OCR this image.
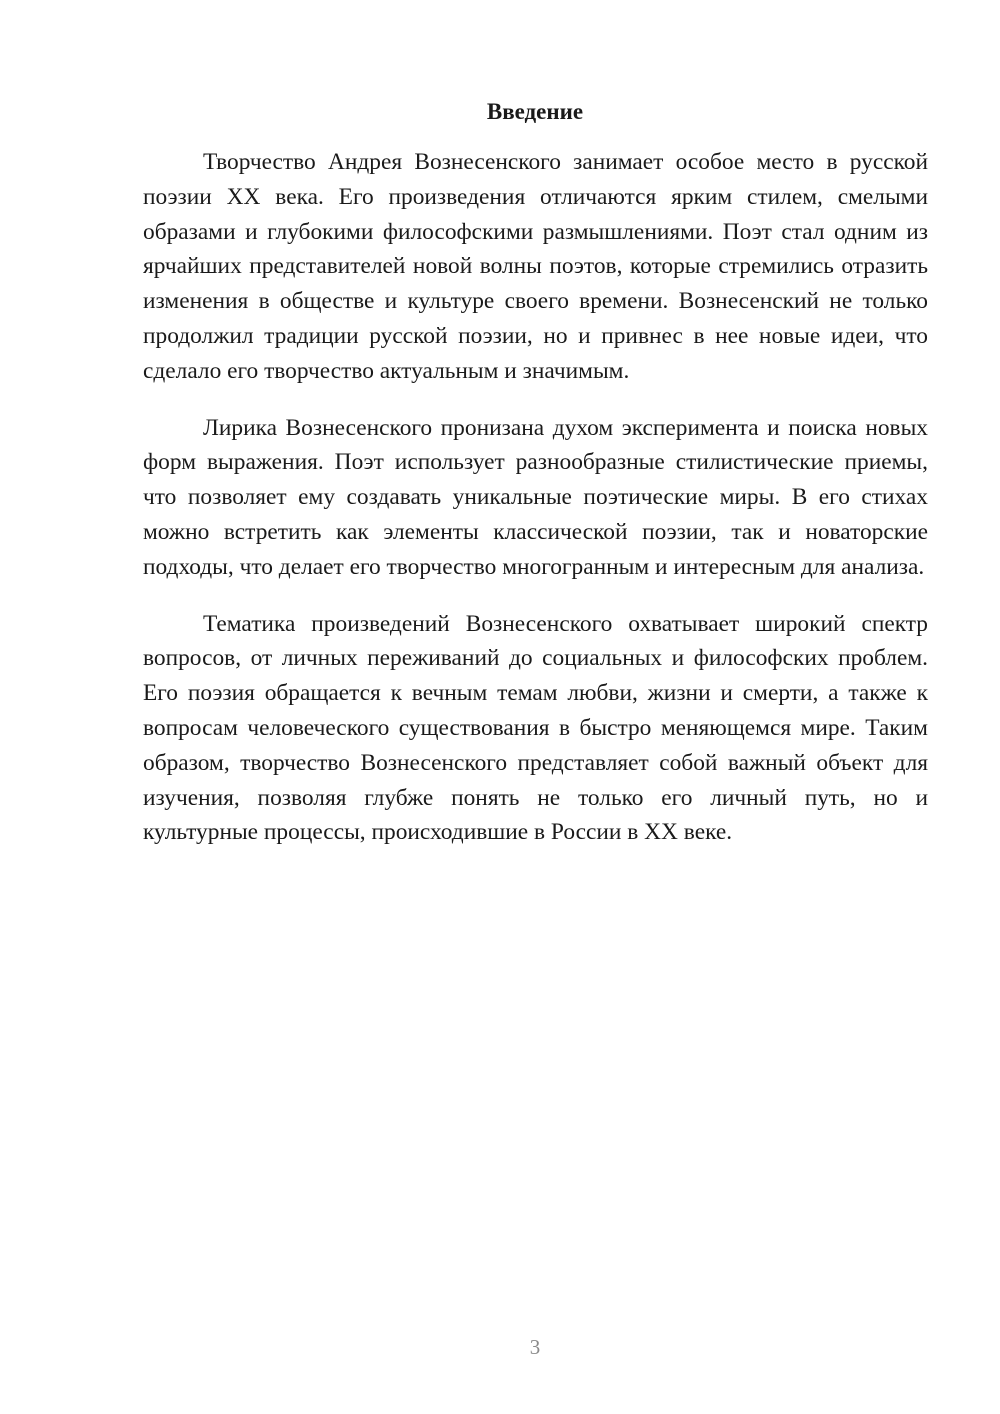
Введение

Творчество Андрея Вознесенского занимает особое место в русской поэзии XX века. Его произведения отличаются ярким стилем, смелыми образами и глубокими философскими размышлениями. Поэт стал одним из ярчайших представителей новой волны поэтов, которые стремились отразить изменения в обществе и культуре своего времени. Вознесенский не только продолжил традиции русской поэзии, но и привнес в нее новые идеи, что сделало его творчество актуальным и значимым.

Лирика Вознесенского пронизана духом эксперимента и поиска новых форм выражения. Поэт использует разнообразные стилистические приемы, что позволяет ему создавать уникальные поэтические миры. В его стихах можно встретить как элементы классической поэзии, так и новаторские подходы, что делает его творчество многогранным и интересным для анализа.

Тематика произведений Вознесенского охватывает широкий спектр вопросов, от личных переживаний до социальных и философских проблем. Его поэзия обращается к вечным темам любви, жизни и смерти, а также к вопросам человеческого существования в быстро меняющемся мире. Таким образом, творчество Вознесенского представляет собой важный объект для изучения, позволяя глубже понять не только его личный путь, но и культурные процессы, происходившие в России в XX веке.

3
